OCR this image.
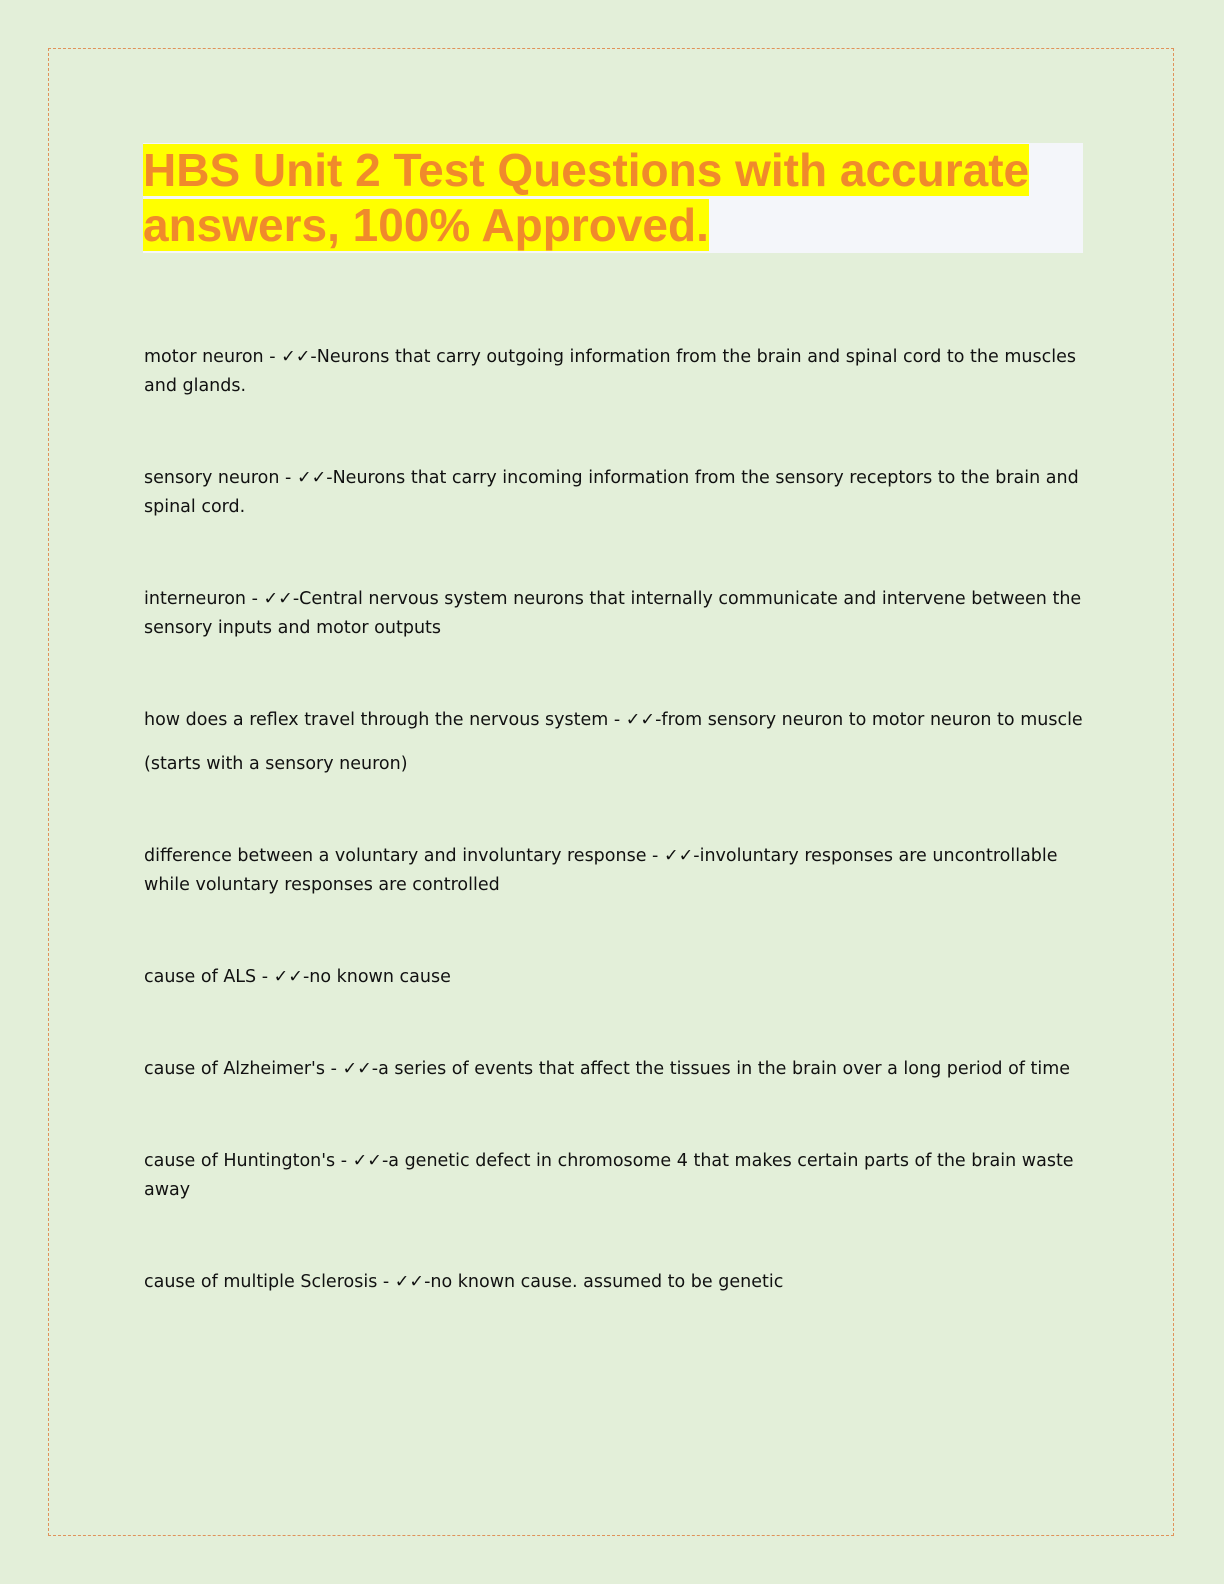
HBS Unit 2 Test Questions with accurate answers, 100% Approved.

motor neuron - ✓✓-Neurons that carry outgoing information from the brain and spinal cord to the muscles and glands.

sensory neuron - ✓✓-Neurons that carry incoming information from the sensory receptors to the brain and spinal cord.

interneuron - ✓✓-Central nervous system neurons that internally communicate and intervene between the sensory inputs and motor outputs

how does a reflex travel through the nervous system - ✓✓-from sensory neuron to motor neuron to muscle

(starts with a sensory neuron)

difference between a voluntary and involuntary response - ✓✓-involuntary responses are uncontrollable while voluntary responses are controlled

cause of ALS - ✓✓-no known cause

cause of Alzheimer's - ✓✓-a series of events that affect the tissues in the brain over a long period of time

cause of Huntington's - ✓✓-a genetic defect in chromosome 4 that makes certain parts of the brain waste away

cause of multiple Sclerosis - ✓✓-no known cause. assumed to be genetic
